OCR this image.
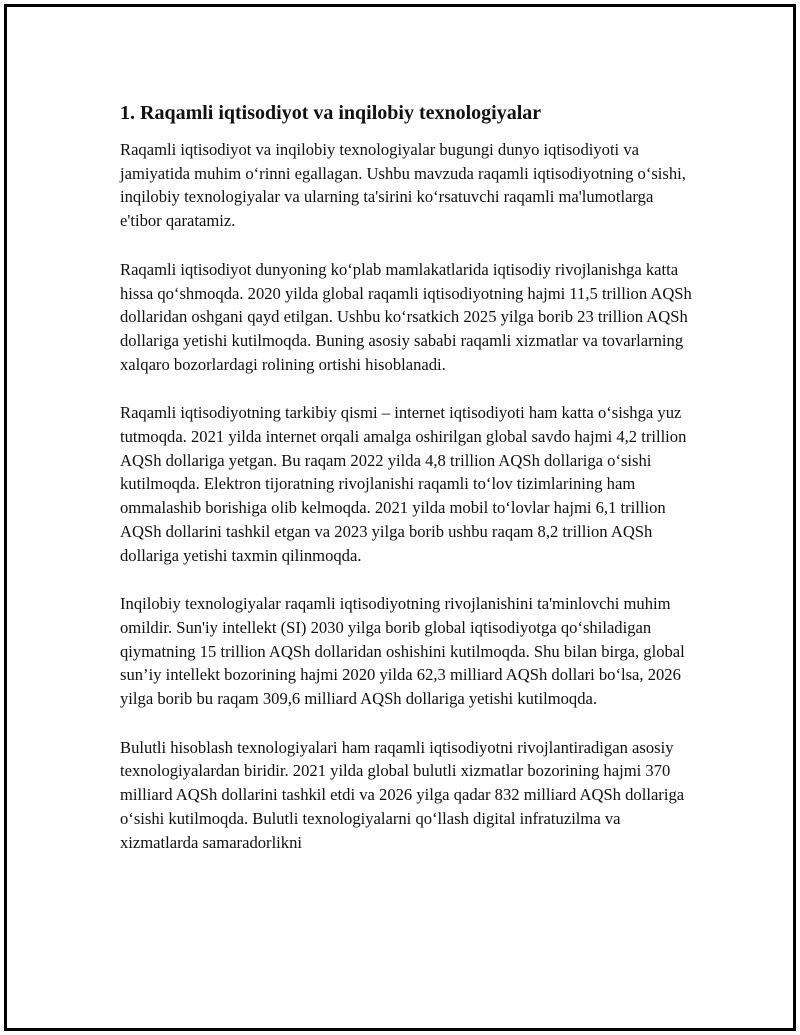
1. Raqamli iqtisodiyot va inqilobiy texnologiyalar

Raqamli iqtisodiyot va inqilobiy texnologiyalar bugungi dunyo iqtisodiyoti va jamiyatida muhim o‘rinni egallagan. Ushbu mavzuda raqamli iqtisodiyotning o‘sishi, inqilobiy texnologiyalar va ularning ta'sirini ko‘rsatuvchi raqamli ma'lumotlarga e'tibor qaratamiz.

Raqamli iqtisodiyot dunyoning ko‘plab mamlakatlarida iqtisodiy rivojlanishga katta hissa qo‘shmoqda. 2020 yilda global raqamli iqtisodiyotning hajmi 11,5 trillion AQSh dollaridan oshgani qayd etilgan. Ushbu ko‘rsatkich 2025 yilga borib 23 trillion AQSh dollariga yetishi kutilmoqda. Buning asosiy sababi raqamli xizmatlar va tovarlarning xalqaro bozorlardagi rolining ortishi hisoblanadi.

Raqamli iqtisodiyotning tarkibiy qismi – internet iqtisodiyoti ham katta o‘sishga yuz tutmoqda. 2021 yilda internet orqali amalga oshirilgan global savdo hajmi 4,2 trillion AQSh dollariga yetgan. Bu raqam 2022 yilda 4,8 trillion AQSh dollariga o‘sishi kutilmoqda. Elektron tijoratning rivojlanishi raqamli to‘lov tizimlarining ham ommalashib borishiga olib kelmoqda. 2021 yilda mobil to‘lovlar hajmi 6,1 trillion AQSh dollarini tashkil etgan va 2023 yilga borib ushbu raqam 8,2 trillion AQSh dollariga yetishi taxmin qilinmoqda.

Inqilobiy texnologiyalar raqamli iqtisodiyotning rivojlanishini ta'minlovchi muhim omildir. Sun'iy intellekt (SI) 2030 yilga borib global iqtisodiyotga qo‘shiladigan qiymatning 15 trillion AQSh dollaridan oshishini kutilmoqda. Shu bilan birga, global sun’iy intellekt bozorining hajmi 2020 yilda 62,3 milliard AQSh dollari bo‘lsa, 2026 yilga borib bu raqam 309,6 milliard AQSh dollariga yetishi kutilmoqda.

Bulutli hisoblash texnologiyalari ham raqamli iqtisodiyotni rivojlantiradigan asosiy texnologiyalardan biridir. 2021 yilda global bulutli xizmatlar bozorining hajmi 370 milliard AQSh dollarini tashkil etdi va 2026 yilga qadar 832 milliard AQSh dollariga o‘sishi kutilmoqda. Bulutli texnologiyalarni qo‘llash digital infratuzilma va xizmatlarda samaradorlikni
